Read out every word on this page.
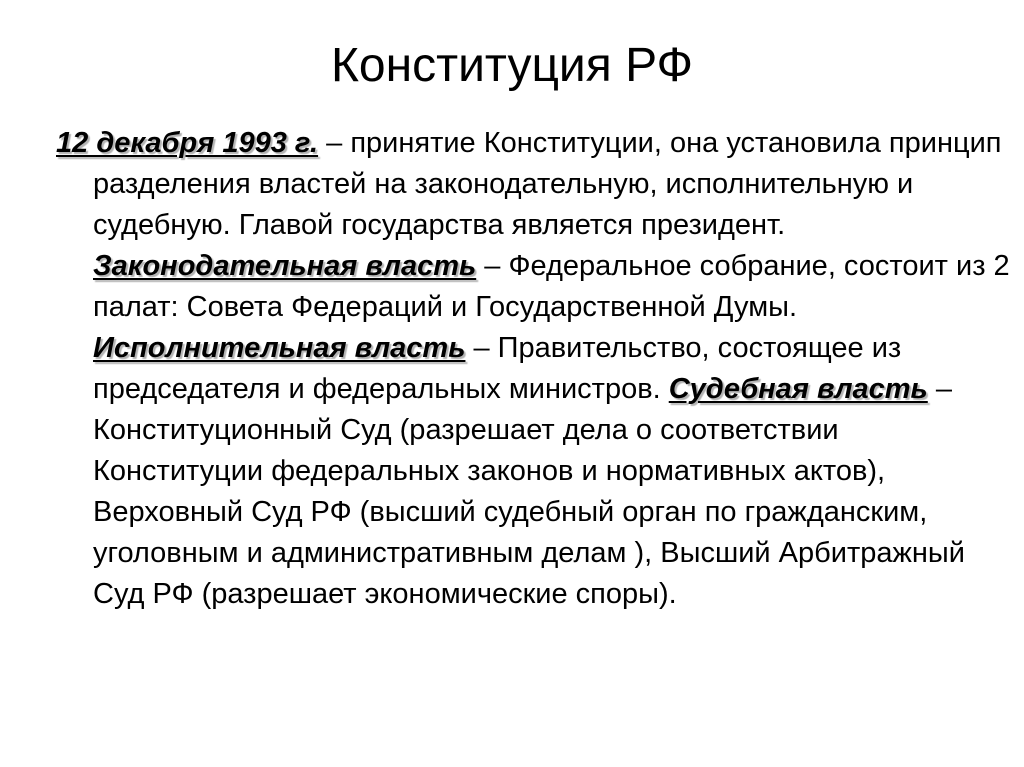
Конституция РФ

12 декабря 1993 г. – принятие Конституции, она установила принцип разделения властей на законодательную, исполнительную и судебную. Главой государства является президент. Законодательная власть – Федеральное собрание, состоит из 2 палат: Совета Федераций и Государственной Думы. Исполнительная власть – Правительство, состоящее из председателя и федеральных министров. Судебная власть – Конституционный Суд (разрешает дела о соответствии Конституции федеральных законов и нормативных актов), Верховный Суд РФ (высший судебный орган по гражданским, уголовным и административным делам ), Высший Арбитражный Суд РФ (разрешает экономические споры).
